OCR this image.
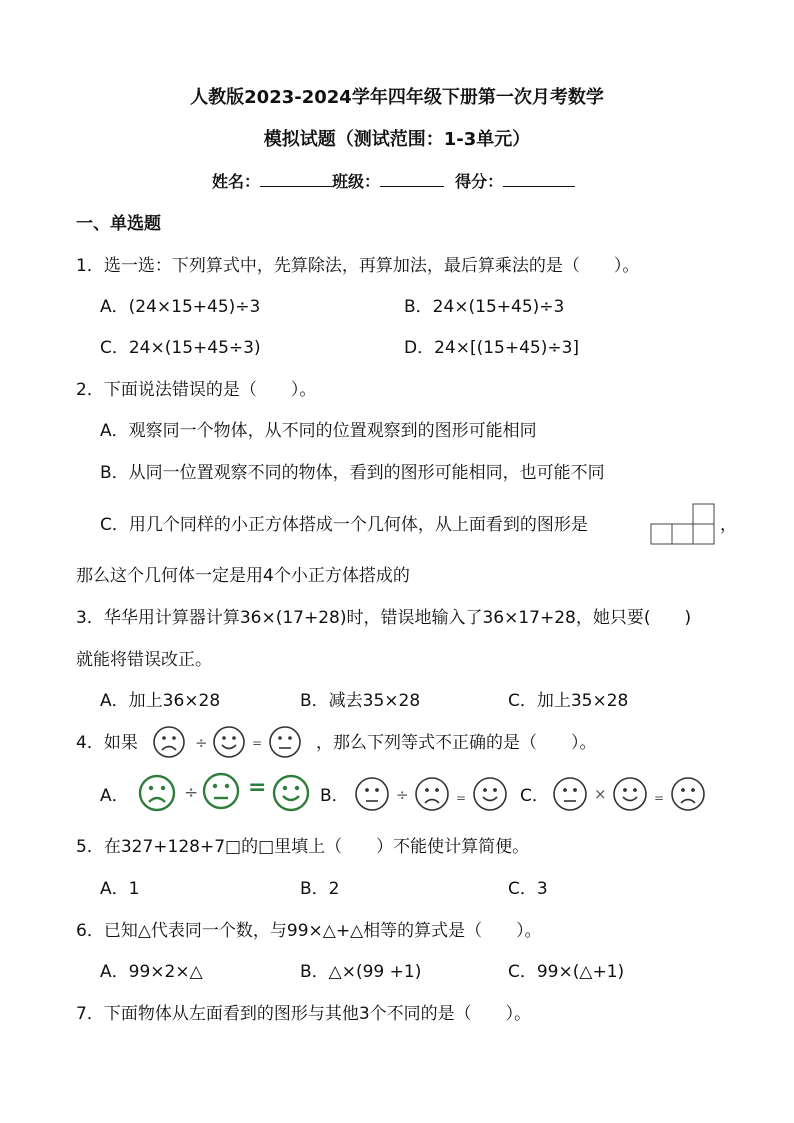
人教版2023-2024学年四年级下册第一次月考数学
模拟试题（测试范围：1-3单元）
姓名：	班级：	得分：
一、单选题
1．选一选：下列算式中，先算除法，再算加法，最后算乘法的是（　　）。
A．(24×15+45)÷3	B．24×(15+45)÷3
C．24×(15+45÷3)	D．24×[(15+45)÷3]
2．下面说法错误的是（　　）。
A．观察同一个物体，从不同的位置观察到的图形可能相同
B．从同一位置观察不同的物体，看到的图形可能相同，也可能不同
C．用几个同样的小正方体搭成一个几何体，从上面看到的图形是	，
那么这个几何体一定是用4个小正方体搭成的
3．华华用计算器计算36×(17+28)时，错误地输入了36×17+28，她只要(　　)
就能将错误改正。
A．加上36×28	B．减去35×28	C．加上35×28
4．如果	÷	=	，那么下列等式不正确的是（　　）。
A．	÷ =	B．	÷	=	C．	×	=
5．在327+128+7□的□里填上（　　）不能使计算简便。
A．1	B．2	C．3
6．已知△代表同一个数，与99×△+△相等的算式是（　　）。
A．99×2×△	B．△×(99 +1)	C．99×(△+1)
7．下面物体从左面看到的图形与其他3个不同的是（　　）。
